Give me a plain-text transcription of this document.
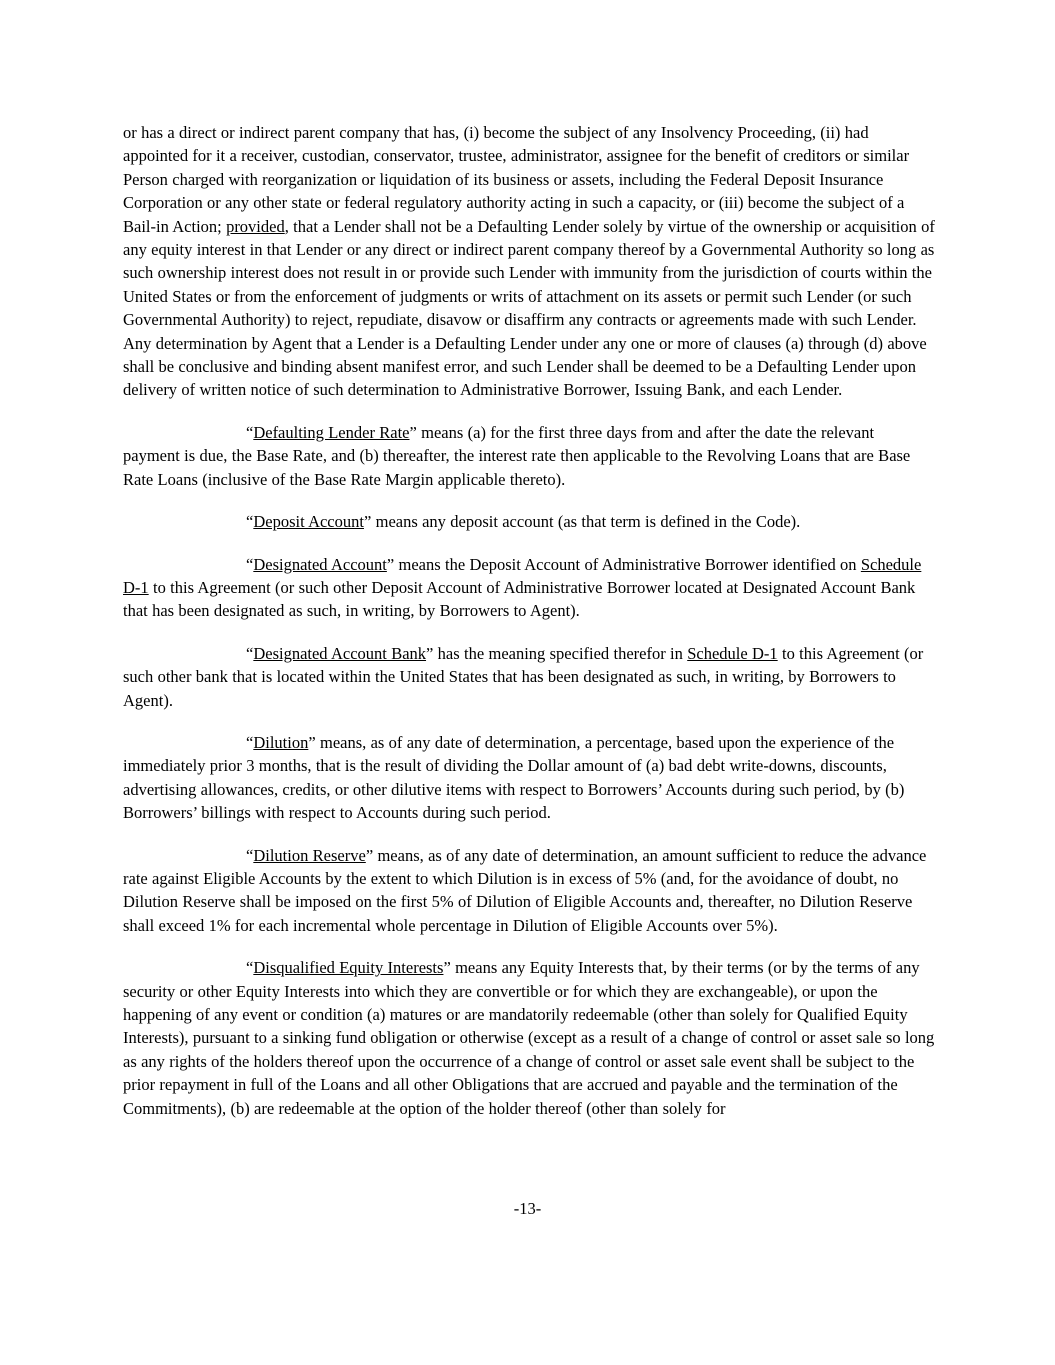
or has a direct or indirect parent company that has, (i) become the subject of any Insolvency Proceeding, (ii) had appointed for it a receiver, custodian, conservator, trustee, administrator, assignee for the benefit of creditors or similar Person charged with reorganization or liquidation of its business or assets, including the Federal Deposit Insurance Corporation or any other state or federal regulatory authority acting in such a capacity, or (iii) become the subject of a Bail-in Action; provided, that a Lender shall not be a Defaulting Lender solely by virtue of the ownership or acquisition of any equity interest in that Lender or any direct or indirect parent company thereof by a Governmental Authority so long as such ownership interest does not result in or provide such Lender with immunity from the jurisdiction of courts within the United States or from the enforcement of judgments or writs of attachment on its assets or permit such Lender (or such Governmental Authority) to reject, repudiate, disavow or disaffirm any contracts or agreements made with such Lender. Any determination by Agent that a Lender is a Defaulting Lender under any one or more of clauses (a) through (d) above shall be conclusive and binding absent manifest error, and such Lender shall be deemed to be a Defaulting Lender upon delivery of written notice of such determination to Administrative Borrower, Issuing Bank, and each Lender.

“Defaulting Lender Rate” means (a) for the first three days from and after the date the relevant payment is due, the Base Rate, and (b) thereafter, the interest rate then applicable to the Revolving Loans that are Base Rate Loans (inclusive of the Base Rate Margin applicable thereto).

“Deposit Account” means any deposit account (as that term is defined in the Code).

“Designated Account” means the Deposit Account of Administrative Borrower identified on Schedule D-1 to this Agreement (or such other Deposit Account of Administrative Borrower located at Designated Account Bank that has been designated as such, in writing, by Borrowers to Agent).

“Designated Account Bank” has the meaning specified therefor in Schedule D-1 to this Agreement (or such other bank that is located within the United States that has been designated as such, in writing, by Borrowers to Agent).

“Dilution” means, as of any date of determination, a percentage, based upon the experience of the immediately prior 3 months, that is the result of dividing the Dollar amount of (a) bad debt write-downs, discounts, advertising allowances, credits, or other dilutive items with respect to Borrowers’ Accounts during such period, by (b) Borrowers’ billings with respect to Accounts during such period.

“Dilution Reserve” means, as of any date of determination, an amount sufficient to reduce the advance rate against Eligible Accounts by the extent to which Dilution is in excess of 5% (and, for the avoidance of doubt, no Dilution Reserve shall be imposed on the first 5% of Dilution of Eligible Accounts and, thereafter, no Dilution Reserve shall exceed 1% for each incremental whole percentage in Dilution of Eligible Accounts over 5%).

“Disqualified Equity Interests” means any Equity Interests that, by their terms (or by the terms of any security or other Equity Interests into which they are convertible or for which they are exchangeable), or upon the happening of any event or condition (a) matures or are mandatorily redeemable (other than solely for Qualified Equity Interests), pursuant to a sinking fund obligation or otherwise (except as a result of a change of control or asset sale so long as any rights of the holders thereof upon the occurrence of a change of control or asset sale event shall be subject to the prior repayment in full of the Loans and all other Obligations that are accrued and payable and the termination of the Commitments), (b) are redeemable at the option of the holder thereof (other than solely for

-13-
